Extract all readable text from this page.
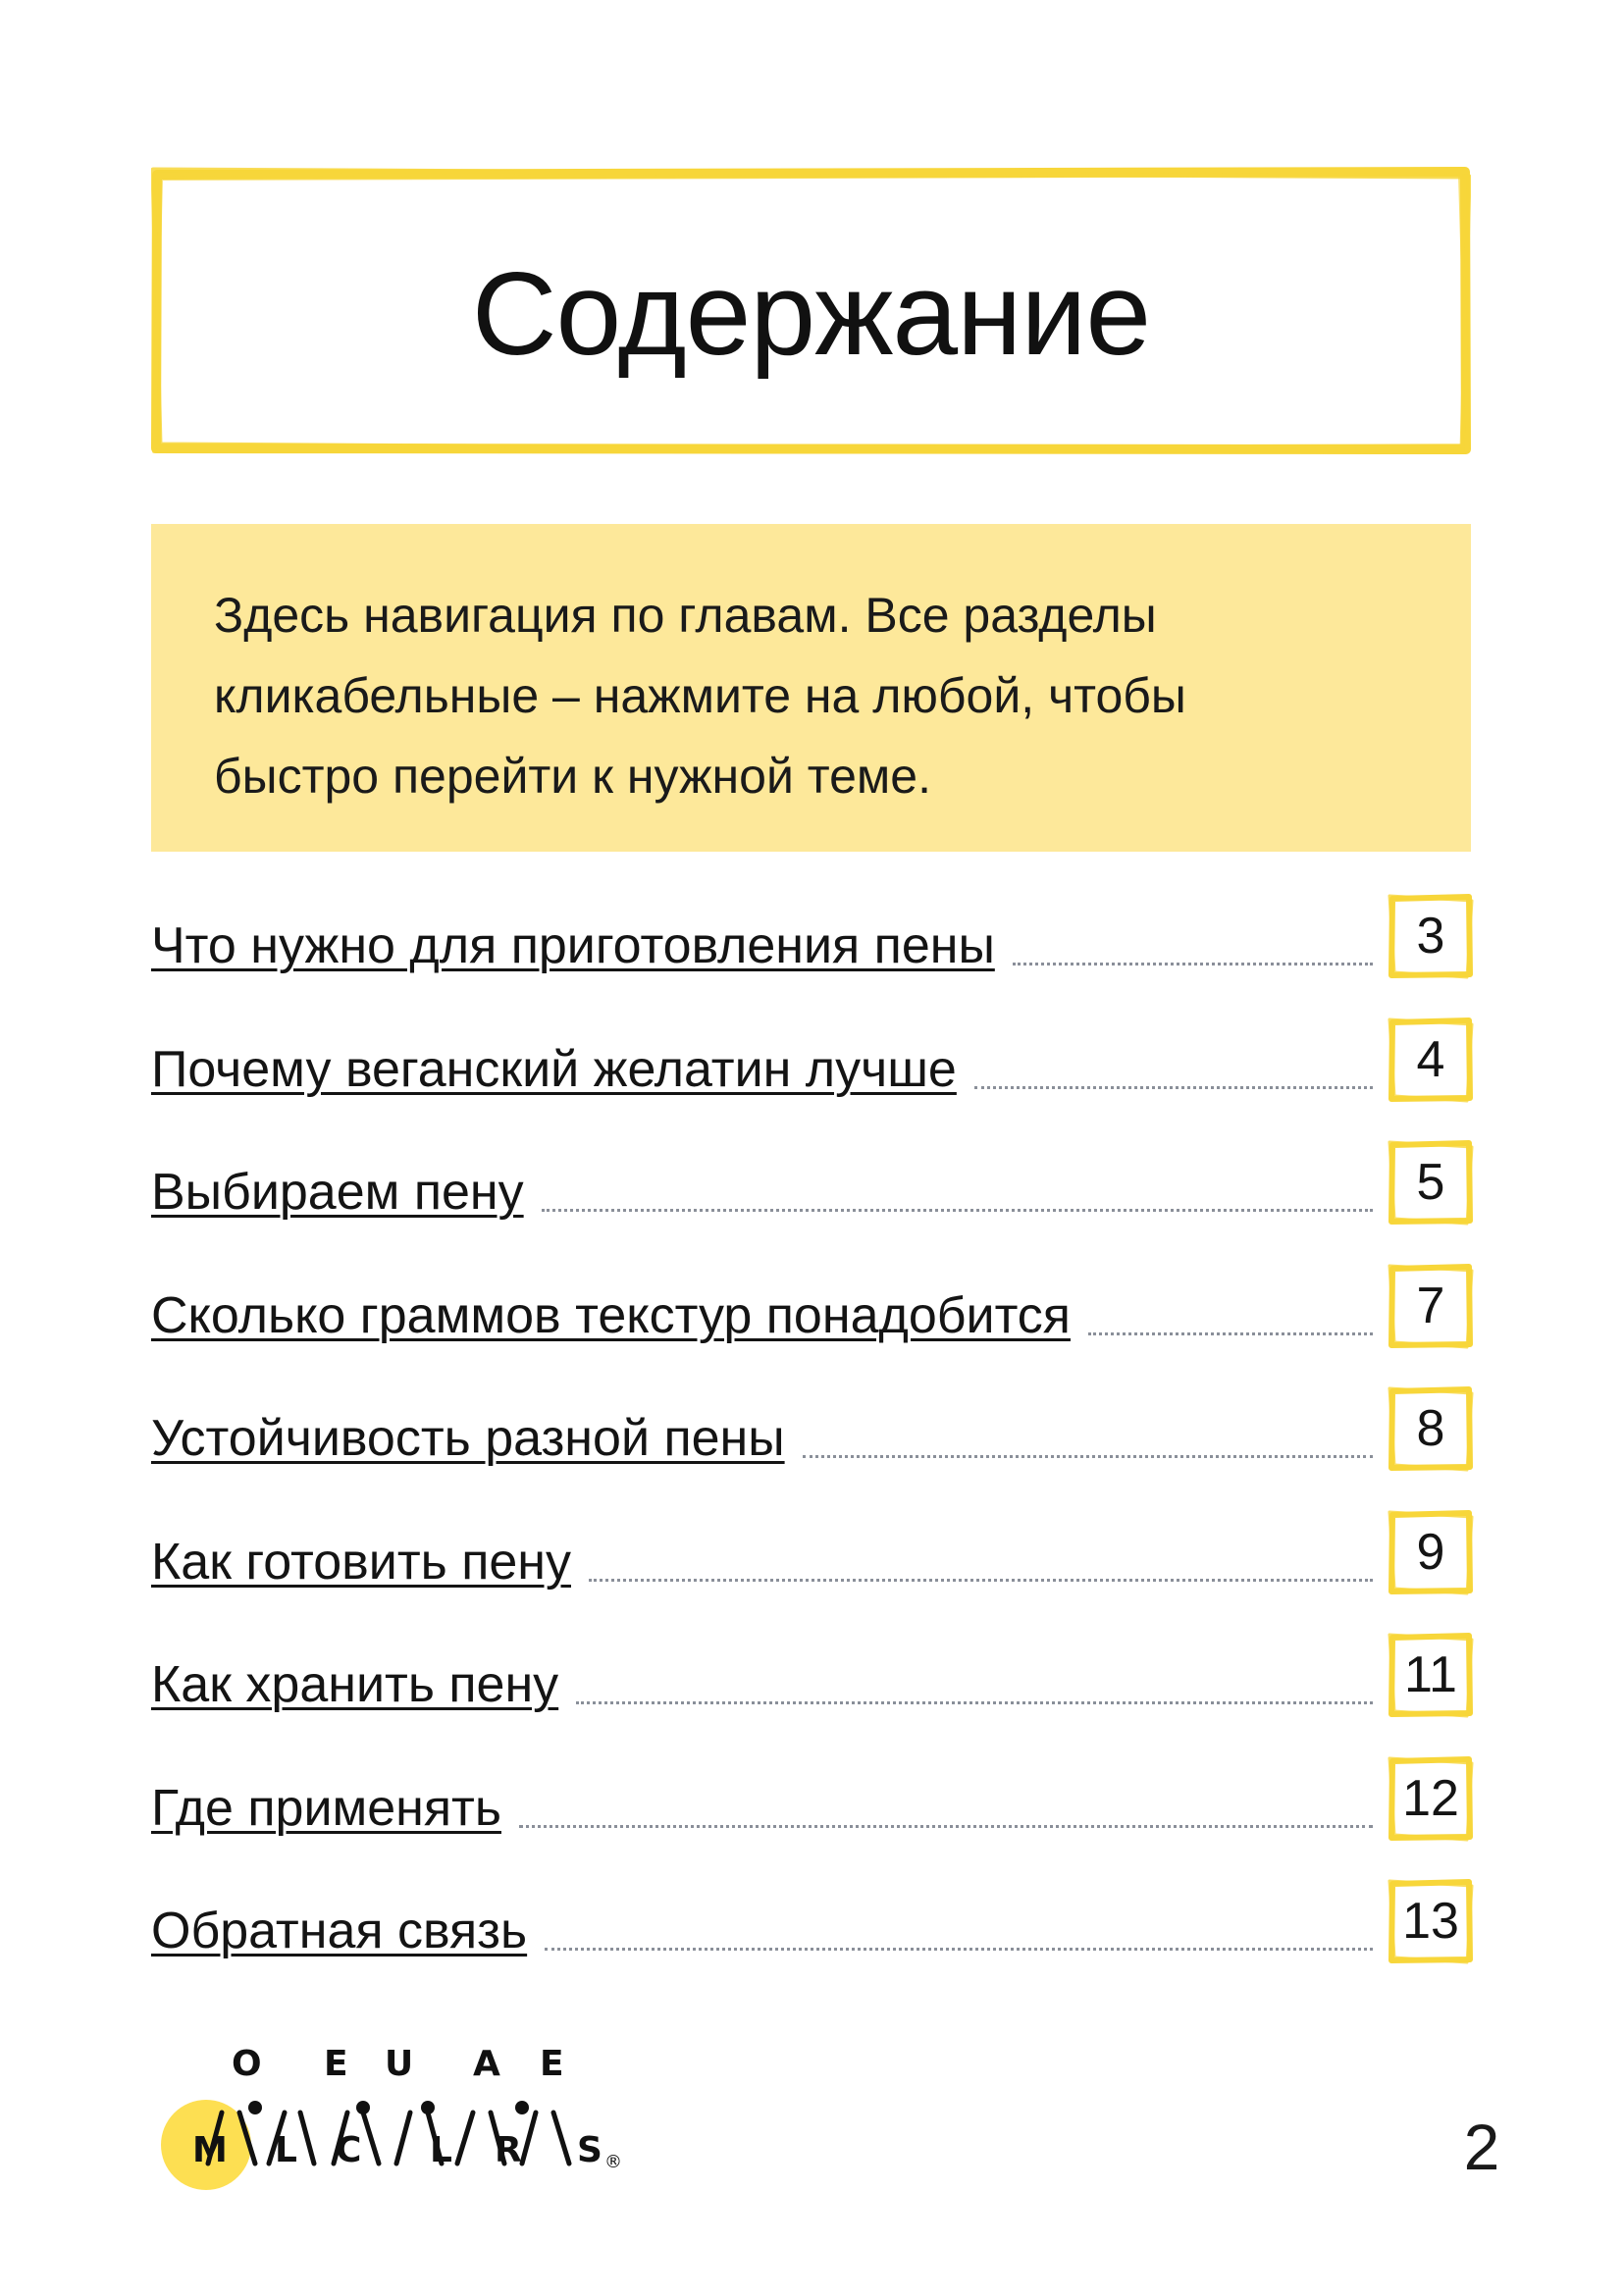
Содержание
Здесь навигация по главам. Все разделы
кликабельные – нажмите на любой, чтобы
быстро перейти к нужной теме.
Что нужно для приготовления пены	3
Почему веганский желатин лучше	4
Выбираем пену	5
Сколько граммов текстур понадобится	7
Устойчивость разной пены	8
Как готовить пену	9
Как хранить пену	11
Где применять	12
Обратная связь	13
O E U A E
M L C L R S ®	2
